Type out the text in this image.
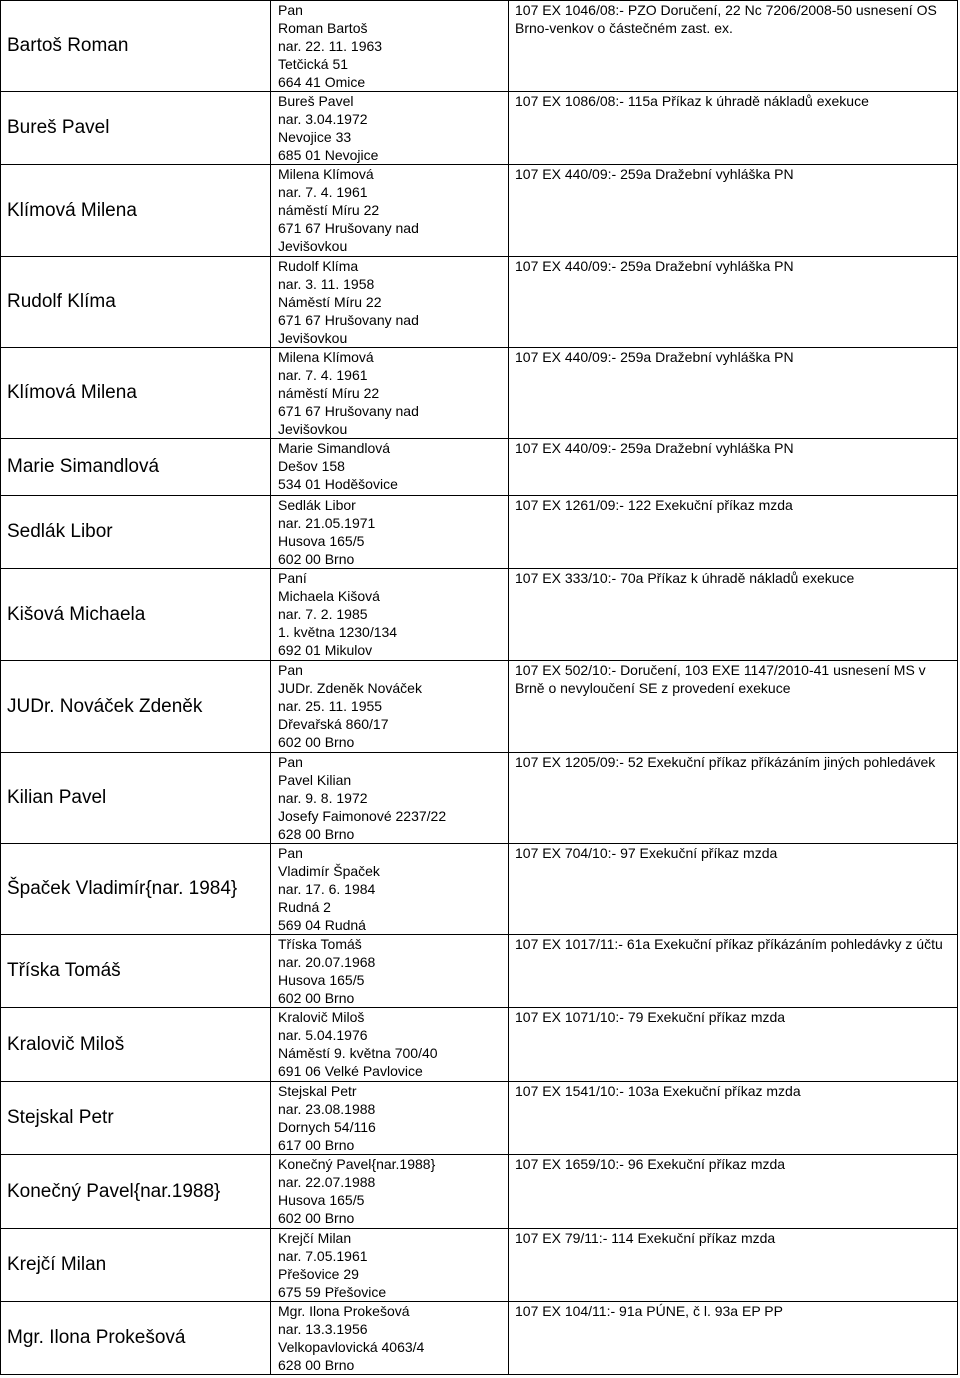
Bartoš Roman	Pan
Roman Bartoš
nar. 22. 11. 1963
Tetčická 51
664 41 Omice	107 EX 1046/08:- PZO Doručení, 22 Nc 7206/2008-50 usnesení OS Brno-venkov o částečném zast. ex.
Bureš Pavel	Bureš Pavel
nar. 3.04.1972
Nevojice 33
685 01 Nevojice	107 EX 1086/08:- 115a Příkaz k úhradě nákladů exekuce
Klímová Milena	Milena Klímová
nar. 7. 4. 1961
náměstí Míru 22
671 67 Hrušovany nad
Jevišovkou	107 EX 440/09:- 259a Dražební vyhláška PN
Rudolf Klíma	Rudolf Klíma
nar. 3. 11. 1958
Náměstí Míru 22
671 67 Hrušovany nad
Jevišovkou	107 EX 440/09:- 259a Dražební vyhláška PN
Klímová Milena	Milena Klímová
nar. 7. 4. 1961
náměstí Míru 22
671 67 Hrušovany nad
Jevišovkou	107 EX 440/09:- 259a Dražební vyhláška PN
Marie Simandlová	Marie Simandlová
Dešov 158
534 01 Hoděšovice	107 EX 440/09:- 259a Dražební vyhláška PN
Sedlák Libor	Sedlák Libor
nar. 21.05.1971
Husova 165/5
602 00 Brno	107 EX 1261/09:- 122 Exekuční příkaz mzda
Kišová Michaela	Paní
Michaela Kišová
nar. 7. 2. 1985
1. května 1230/134
692 01 Mikulov	107 EX 333/10:- 70a Příkaz k úhradě nákladů exekuce
JUDr. Nováček Zdeněk	Pan
JUDr. Zdeněk Nováček
nar. 25. 11. 1955
Dřevařská 860/17
602 00 Brno	107 EX 502/10:- Doručení, 103 EXE 1147/2010-41 usnesení MS v Brně o nevyloučení SE z provedení exekuce
Kilian Pavel	Pan
Pavel Kilian
nar. 9. 8. 1972
Josefy Faimonové 2237/22
628 00 Brno	107 EX 1205/09:- 52 Exekuční příkaz příkázáním jiných pohledávek
Špaček Vladimír{nar. 1984}	Pan
Vladimír Špaček
nar. 17. 6. 1984
Rudná 2
569 04 Rudná	107 EX 704/10:- 97 Exekuční příkaz mzda
Tříska Tomáš	Tříska Tomáš
nar. 20.07.1968
Husova 165/5
602 00 Brno	107 EX 1017/11:- 61a Exekuční příkaz příkázáním pohledávky z účtu
Kralovič Miloš	Kralovič Miloš
nar. 5.04.1976
Náměstí 9. května 700/40
691 06 Velké Pavlovice	107 EX 1071/10:- 79 Exekuční příkaz mzda
Stejskal Petr	Stejskal Petr
nar. 23.08.1988
Dornych 54/116
617 00 Brno	107 EX 1541/10:- 103a Exekuční příkaz mzda
Konečný Pavel{nar.1988}	Konečný Pavel{nar.1988}
nar. 22.07.1988
Husova 165/5
602 00 Brno	107 EX 1659/10:- 96 Exekuční příkaz mzda
Krejčí Milan	Krejčí Milan
nar. 7.05.1961
Přešovice 29
675 59 Přešovice	107 EX 79/11:- 114 Exekuční příkaz mzda
Mgr. Ilona Prokešová	Mgr. Ilona Prokešová
nar. 13.3.1956
Velkopavlovická 4063/4
628 00 Brno	107 EX 104/11:- 91a PÚNE, č l. 93a EP PP
